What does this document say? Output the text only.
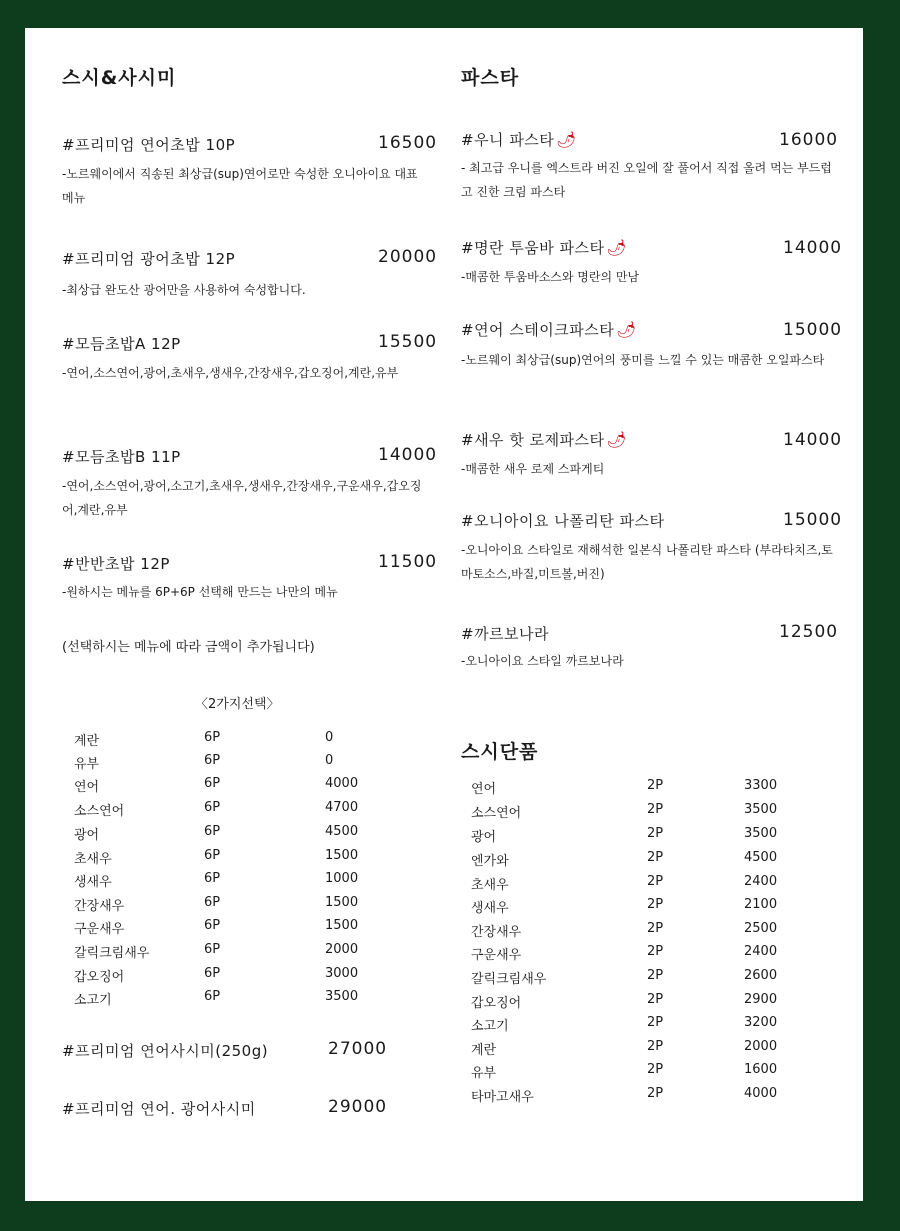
스시&사시미
#프리미엄 연어초밥 10P	16500
-노르웨이에서 직송된 최상급(sup)연어로만 숙성한 오니아이요 대표메뉴
#프리미엄 광어초밥 12P	20000
-최상급 완도산 광어만을 사용하여 숙성합니다.
#모듬초밥A 12P	15500
-연어,소스연어,광어,초새우,생새우,간장새우,갑오징어,계란,유부
#모듬초밥B 11P	14000
-연어,소스연어,광어,소고기,초새우,생새우,간장새우,구운새우,갑오징어,계란,유부
#반반초밥 12P	11500
-원하시는 메뉴를 6P+6P 선택해 만드는 나만의 메뉴
(선택하시는 메뉴에 따라 금액이 추가됩니다)
〈2가지선택〉
계란	6P	0
유부	6P	0
연어	6P	4000
소스연어	6P	4700
광어	6P	4500
초새우	6P	1500
생새우	6P	1000
간장새우	6P	1500
구운새우	6P	1500
갈릭크림새우	6P	2000
갑오징어	6P	3000
소고기	6P	3500
#프리미엄 연어사시미(250g)	27000
#프리미엄 연어. 광어사시미	29000
파스타
#우니 파스타 🌶	16000
- 최고급 우니를 엑스트라 버진 오일에 잘 풀어서 직접 올려 먹는 부드럽고 진한 크림 파스타
#명란 투움바 파스타 🌶	14000
-매콤한 투움바소스와 명란의 만남
#연어 스테이크파스타 🌶	15000
-노르웨이 최상급(sup)연어의 풍미를 느낄 수 있는 매콤한 오일파스타
#새우 핫 로제파스타 🌶	14000
-매콤한 새우 로제 스파게티
#오니아이요 나폴리탄 파스타	15000
-오니아이요 스타일로 재해석한 일본식 나폴리탄 파스타 (부라타치즈,토마토소스,바질,미트볼,버진)
#까르보나라	12500
-오니아이요 스타일 까르보나라
스시단품
연어	2P	3300
소스연어	2P	3500
광어	2P	3500
엔가와	2P	4500
초새우	2P	2400
생새우	2P	2100
간장새우	2P	2500
구운새우	2P	2400
갈릭크림새우	2P	2600
갑오징어	2P	2900
소고기	2P	3200
계란	2P	2000
유부	2P	1600
타마고새우	2P	4000
